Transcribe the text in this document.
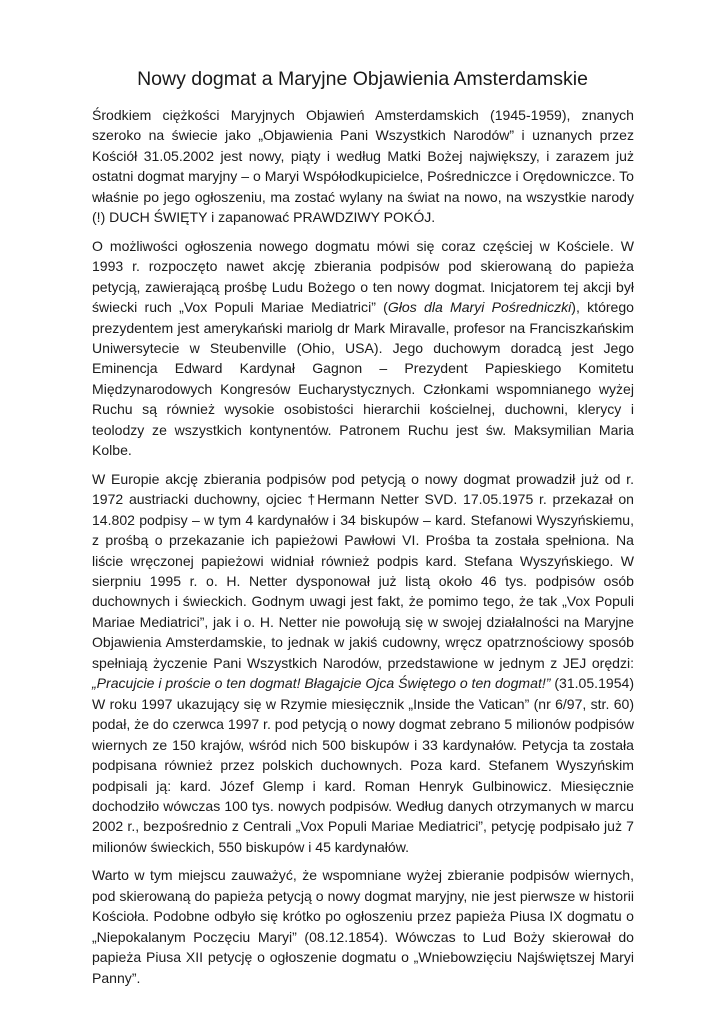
Nowy dogmat a Maryjne Objawienia Amsterdamskie

Środkiem ciężkości Maryjnych Objawień Amsterdamskich (1945-1959), znanych szeroko na świecie jako „Objawienia Pani Wszystkich Narodów” i uznanych przez Kościół 31.05.2002 jest nowy, piąty i według Matki Bożej największy, i zarazem już ostatni dogmat maryjny – o Maryi Współodkupicielce, Pośredniczce i Orędowniczce. To właśnie po jego ogłoszeniu, ma zostać wylany na świat na nowo, na wszystkie narody (!) DUCH ŚWIĘTY i zapanować PRAWDZIWY POKÓJ.

O możliwości ogłoszenia nowego dogmatu mówi się coraz częściej w Kościele. W 1993 r. rozpoczęto nawet akcję zbierania podpisów pod skierowaną do papieża petycją, zawierającą prośbę Ludu Bożego o ten nowy dogmat. Inicjatorem tej akcji był świecki ruch „Vox Populi Mariae Mediatrici” (Głos dla Maryi Pośredniczki), którego prezydentem jest amerykański mariolg dr Mark Miravalle, profesor na Franciszkańskim Uniwersytecie w Steubenville (Ohio, USA). Jego duchowym doradcą jest Jego Eminencja Edward Kardynał Gagnon – Prezydent Papieskiego Komitetu Międzynarodowych Kongresów Eucharystycznych. Członkami wspomnianego wyżej Ruchu są również wysokie osobistości hierarchii kościelnej, duchowni, klerycy i teolodzy ze wszystkich kontynentów. Patronem Ruchu jest św. Maksymilian Maria Kolbe.

W Europie akcję zbierania podpisów pod petycją o nowy dogmat prowadził już od r. 1972 austriacki duchowny, ojciec †Hermann Netter SVD. 17.05.1975 r. przekazał on 14.802 podpisy – w tym 4 kardynałów i 34 biskupów – kard. Stefanowi Wyszyńskiemu, z prośbą o przekazanie ich papieżowi Pawłowi VI. Prośba ta została spełniona. Na liście wręczonej papieżowi widniał również podpis kard. Stefana Wyszyńskiego. W sierpniu 1995 r. o. H. Netter dysponował już listą około 46 tys. podpisów osób duchownych i świeckich. Godnym uwagi jest fakt, że pomimo tego, że tak „Vox Populi Mariae Mediatrici”, jak i o. H. Netter nie powołują się w swojej działalności na Maryjne Objawienia Amsterdamskie, to jednak w jakiś cudowny, wręcz opatrznościowy sposób spełniają życzenie Pani Wszystkich Narodów, przedstawione w jednym z JEJ orędzi: „Pracujcie i proście o ten dogmat! Błagajcie Ojca Świętego o ten dogmat!” (31.05.1954) W roku 1997 ukazujący się w Rzymie miesięcznik „Inside the Vatican” (nr 6/97, str. 60) podał, że do czerwca 1997 r. pod petycją o nowy dogmat zebrano 5 milionów podpisów wiernych ze 150 krajów, wśród nich 500 biskupów i 33 kardynałów. Petycja ta została podpisana również przez polskich duchownych. Poza kard. Stefanem Wyszyńskim podpisali ją: kard. Józef Glemp i kard. Roman Henryk Gulbinowicz. Miesięcznie dochodziło wówczas 100 tys. nowych podpisów. Według danych otrzymanych w marcu 2002 r., bezpośrednio z Centrali „Vox Populi Mariae Mediatrici”, petycję podpisało już 7 milionów świeckich, 550 biskupów i 45 kardynałów.

Warto w tym miejscu zauważyć, że wspomniane wyżej zbieranie podpisów wiernych, pod skierowaną do papieża petycją o nowy dogmat maryjny, nie jest pierwsze w historii Kościoła. Podobne odbyło się krótko po ogłoszeniu przez papieża Piusa IX dogmatu o „Niepokalanym Poczęciu Maryi” (08.12.1854). Wówczas to Lud Boży skierował do papieża Piusa XII petycję o ogłoszenie dogmatu o „Wniebowzięciu Najświętszej Maryi Panny”.
